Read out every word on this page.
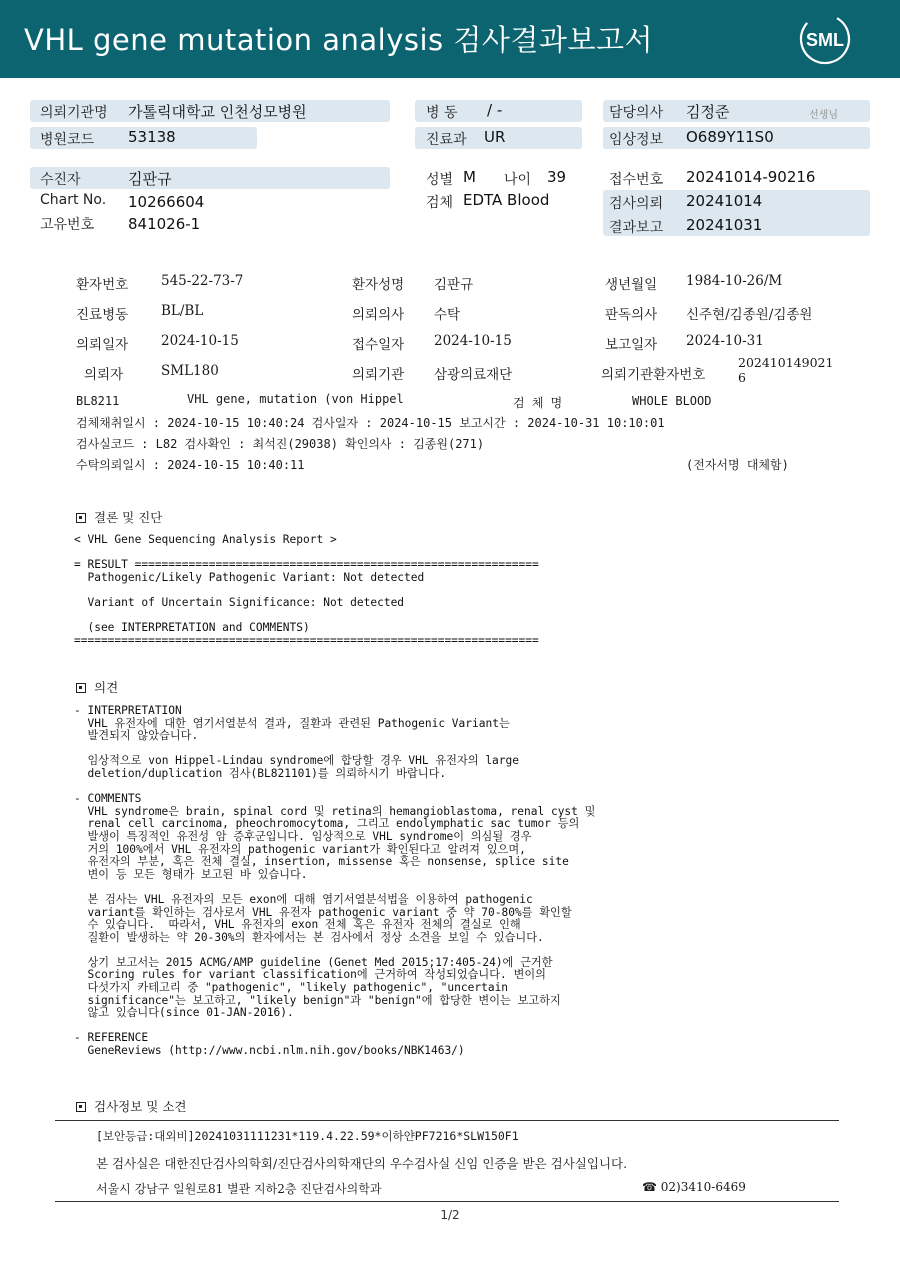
VHL gene mutation analysis 검사결과보고서	SML
의뢰기관명 가톨릭대학교 인천성모병원	병 동 / -	담당의사 김정준	선생님
병원코드 53138	진료과 UR	임상정보 O689Y11S0
수진자	김판규	성별 M 나이 39	접수번호 20241014-90216
Chart No. 10266604	검체 EDTA Blood	검사의뢰 20241014
고유번호 841026-1	결과보고 20241031
환자번호 545-22-73-7	환자성명 김판규	생년월일 1984-10-26/M
진료병동 BL/BL	의뢰의사 수탁	판독의사 신주현/김종원/김종원
의뢰일자 2024-10-15	접수일자 2024-10-15	보고일자 2024-10-31
의뢰자	SML180	의뢰기관 삼광의료재단	의뢰기관환자번호
202410149021
6
BL8211	VHL gene, mutation (von Hippel	검 체 명	WHOLE BLOOD
검체채취일시 : 2024-10-15 10:40:24 검사일자 : 2024-10-15 보고시간 : 2024-10-31 10:10:01
검사실코드 : L82 검사확인 : 최석진(29038) 확인의사 : 김종원(271)
수탁의뢰일시 : 2024-10-15 10:40:11	(전자서명 대체함)
결론 및 진단
< VHL Gene Sequencing Analysis Report >

= RESULT ============================================================
Pathogenic/Likely Pathogenic Variant: Not detected

Variant of Uncertain Significance: Not detected

(see INTERPRETATION and COMMENTS)
=====================================================================
의견
- INTERPRETATION
VHL 유전자에 대한 염기서열분석 결과, 질환과 관련된 Pathogenic Variant는
발견되지 않았습니다.

임상적으로 von Hippel-Lindau syndrome에 합당할 경우 VHL 유전자의 large
deletion/duplication 검사(BL821101)를 의뢰하시기 바랍니다.

- COMMENTS
VHL syndrome은 brain, spinal cord 및 retina의 hemangioblastoma, renal cyst 및
renal cell carcinoma, pheochromocytoma, 그리고 endolymphatic sac tumor 등의
발생이 특징적인 유전성 암 증후군입니다. 임상적으로 VHL syndrome이 의심될 경우
거의 100%에서 VHL 유전자의 pathogenic variant가 확인된다고 알려져 있으며,
유전자의 부분, 혹은 전체 결실, insertion, missense 혹은 nonsense, splice site
변이 등 모든 형태가 보고된 바 있습니다.

본 검사는 VHL 유전자의 모든 exon에 대해 염기서열분석법을 이용하여 pathogenic
variant를 확인하는 검사로서 VHL 유전자 pathogenic variant 중 약 70-80%를 확인할
수 있습니다.  따라서, VHL 유전자의 exon 전체 혹은 유전자 전체의 결실로 인해
질환이 발생하는 약 20-30%의 환자에서는 본 검사에서 정상 소견을 보일 수 있습니다.

상기 보고서는 2015 ACMG/AMP guideline (Genet Med 2015;17:405-24)에 근거한
Scoring rules for variant classification에 근거하여 작성되었습니다. 변이의
다섯가지 카테고리 중 "pathogenic", "likely pathogenic", "uncertain
significance"는 보고하고, "likely benign"과 "benign"에 합당한 변이는 보고하지
않고 있습니다(since 01-JAN-2016).

- REFERENCE
GeneReviews (http://www.ncbi.nlm.nih.gov/books/NBK1463/)
검사정보 및 소견
[보안등급:대외비]20241031111231*119.4.22.59*이하얀PF7216*SLW150F1
본 검사실은 대한진단검사의학회/진단검사의학재단의 우수검사실 신임 인증을 받은 검사실입니다.
서울시 강남구 일원로81 별관 지하2층 진단검사의학과	☎ 02)3410-6469
1/2
